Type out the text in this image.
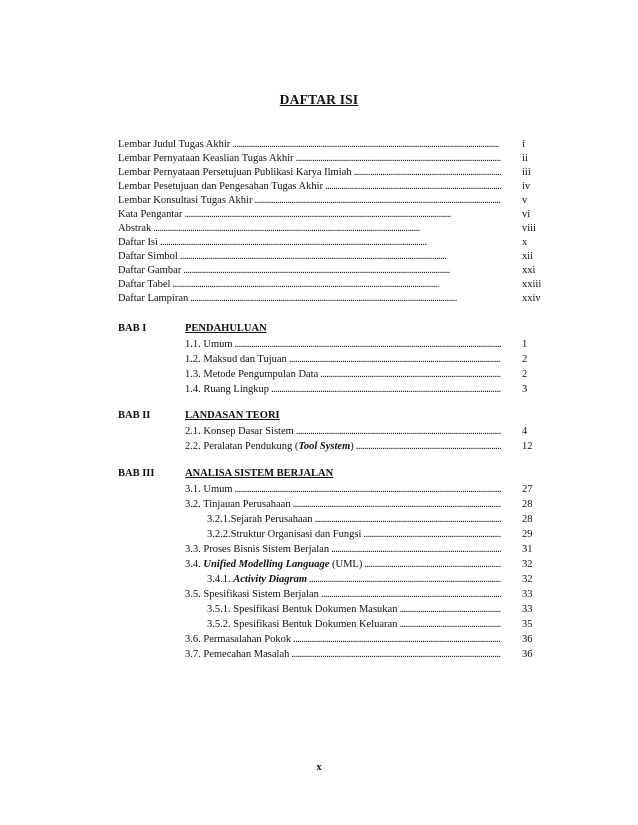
DAFTAR ISI
Lembar Judul Tugas Akhir . . .	i
Lembar Pernyataan Keaslian Tugas Akhir . . .	ii
Lembar Pernyataan Persetujuan Publikasi Karya Ilmiah . . .	iii
Lembar Pesetujuan dan Pengesahan Tugas Akhir . . .	iv
Lembar Konsultasi Tugas Akhir . . .	v
Kata Pengantar . . .	vi
Abstrak . . .	viii
Daftar Isi . . .	x
Daftar Simbol . . .	xii
Daftar Gambar . . .	xxi
Daftar Tabel . . .	xxiii
Daftar Lampiran . . .	xxiv
BAB I	PENDAHULUAN
1.1. Umum . . .	1
1.2. Maksud dan Tujuan . . .	2
1.3. Metode Pengumpulan Data . . .	2
1.4. Ruang Lingkup . . .	3
BAB II	LANDASAN TEORI
2.1. Konsep Dasar Sistem . . .	4
2.2. Peralatan Pendukung (Tool System) . . .	12
BAB III	ANALISA SISTEM BERJALAN
3.1. Umum . . .	27
3.2. Tinjauan Perusahaan . . .	28
3.2.1.Sejarah Perusahaan . . .	28
3.2.2.Struktur Organisasi dan Fungsi . . .	29
3.3. Proses Bisnis Sistem Berjalan . . .	31
3.4. Unified Modelling Language (UML) . . .	32
3.4.1. Activity Diagram . . .	32
3.5. Spesifikasi Sistem Berjalan . . .	33
3.5.1. Spesifikasi Bentuk Dokumen Masukan . . .	33
3.5.2. Spesifikasi Bentuk Dokumen Keluaran . . .	35
3.6. Permasalahan Pokok . . .	36
3.7. Pemecahan Masalah . . .	36
x
